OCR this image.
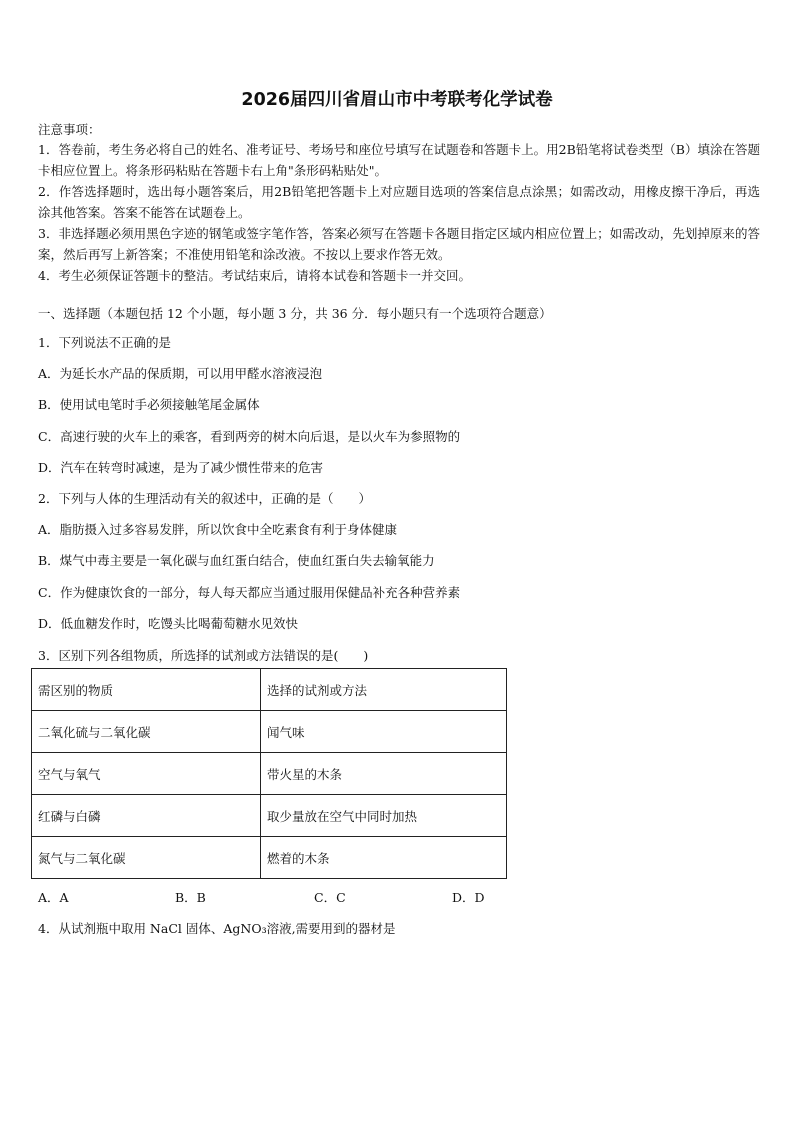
2026届四川省眉山市中考联考化学试卷
注意事项：

1．答卷前，考生务必将自己的姓名、准考证号、考场号和座位号填写在试题卷和答题卡上。用2B铅笔将试卷类型（B）填涂在答题卡相应位置上。将条形码粘贴在答题卡右上角"条形码粘贴处"。

2．作答选择题时，选出每小题答案后，用2B铅笔把答题卡上对应题目选项的答案信息点涂黑；如需改动，用橡皮擦干净后，再选涂其他答案。答案不能答在试题卷上。

3．非选择题必须用黑色字迹的钢笔或签字笔作答，答案必须写在答题卡各题目指定区域内相应位置上；如需改动，先划掉原来的答案，然后再写上新答案；不准使用铅笔和涂改液。不按以上要求作答无效。

4．考生必须保证答题卡的整洁。考试结束后，请将本试卷和答题卡一并交回。

一、选择题（本题包括 12 个小题，每小题 3 分，共 36 分．每小题只有一个选项符合题意）
1．下列说法不正确的是
A．为延长水产品的保质期，可以用甲醛水溶液浸泡
B．使用试电笔时手必须接触笔尾金属体
C．高速行驶的火车上的乘客，看到两旁的树木向后退，是以火车为参照物的
D．汽车在转弯时减速，是为了减少惯性带来的危害
2．下列与人体的生理活动有关的叙述中，正确的是（　　）
A．脂肪摄入过多容易发胖，所以饮食中全吃素食有利于身体健康
B．煤气中毒主要是一氧化碳与血红蛋白结合，使血红蛋白失去输氧能力
C．作为健康饮食的一部分，每人每天都应当通过服用保健品补充各种营养素
D．低血糖发作时，吃馒头比喝葡萄糖水见效快
3．区别下列各组物质，所选择的试剂或方法错误的是(　　)
需区别的物质	选择的试剂或方法
二氧化硫与二氧化碳	闻气味
空气与氧气	带火星的木条
红磷与白磷	取少量放在空气中同时加热
氮气与二氧化碳	燃着的木条
A．A	B．B	C．C	D．D
4．从试剂瓶中取用 NaCl 固体、AgNO₃溶液,需要用到的器材是
